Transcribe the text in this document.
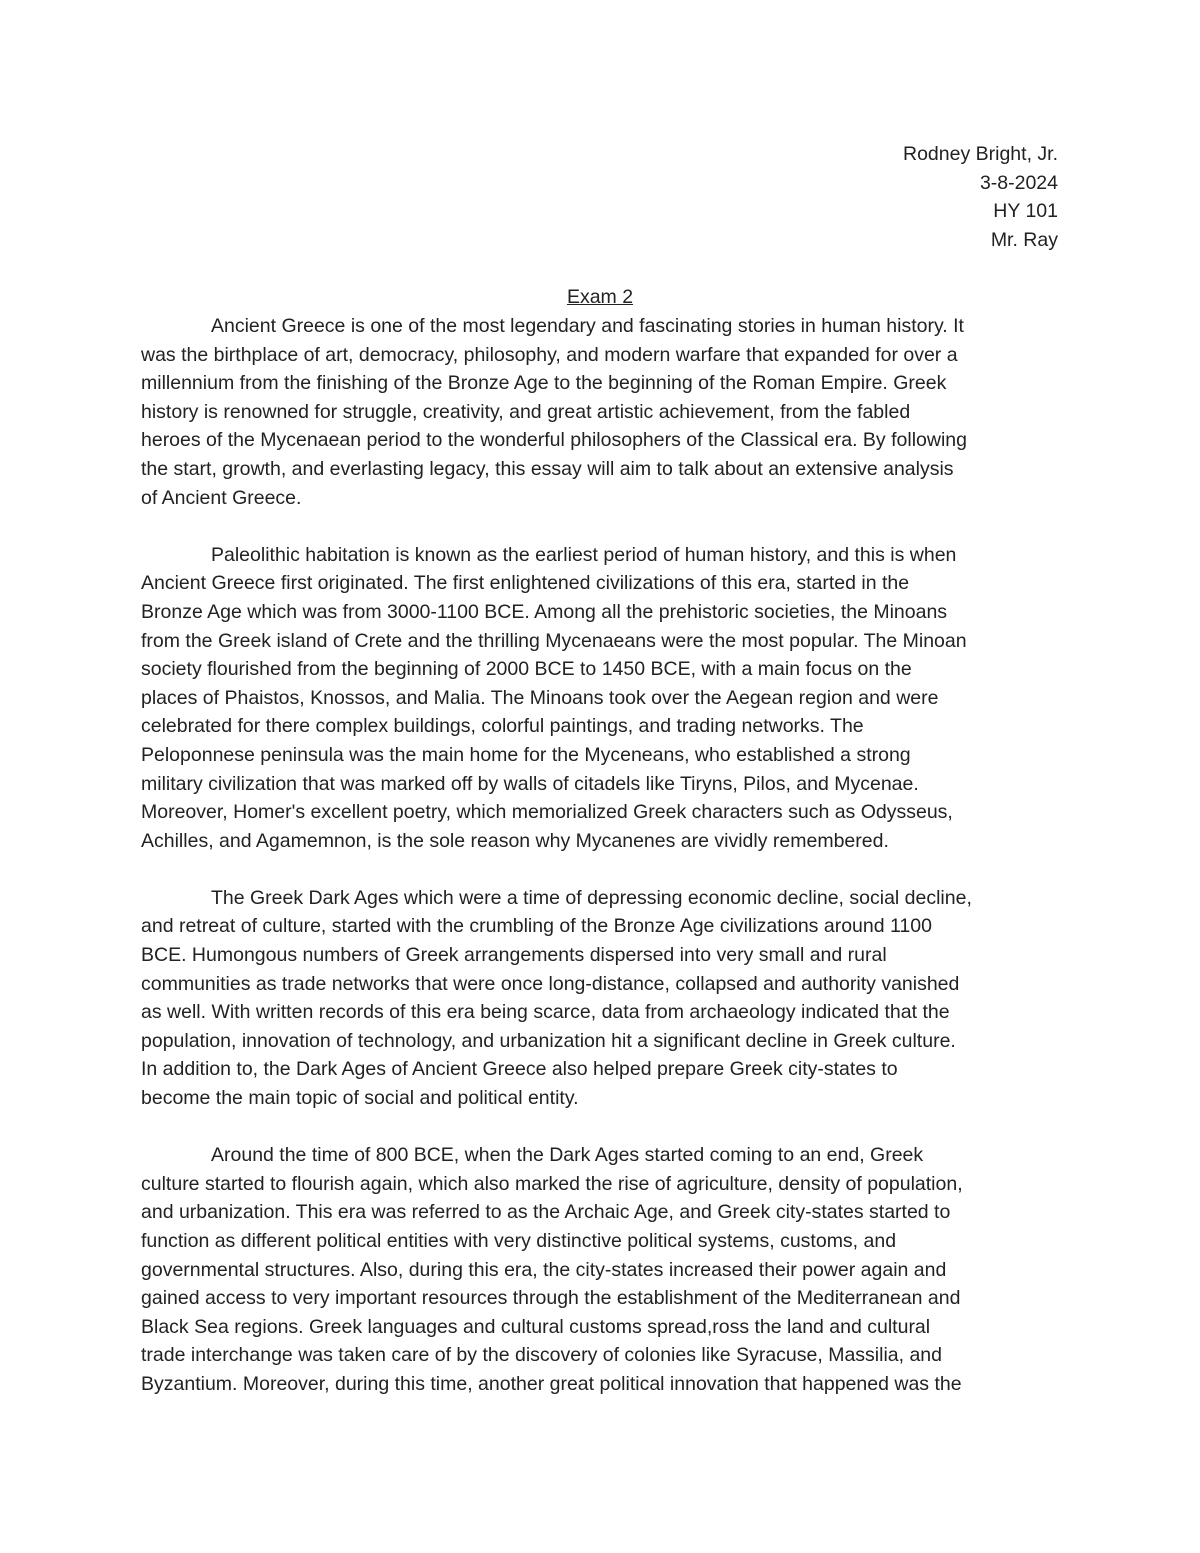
Rodney Bright, Jr.
3-8-2024
HY 101
Mr. Ray
Exam 2

Ancient Greece is one of the most legendary and fascinating stories in human history. It
was the birthplace of art, democracy, philosophy, and modern warfare that expanded for over a
millennium from the finishing of the Bronze Age to the beginning of the Roman Empire. Greek
history is renowned for struggle, creativity, and great artistic achievement, from the fabled
heroes of the Mycenaean period to the wonderful philosophers of the Classical era. By following
the start, growth, and everlasting legacy, this essay will aim to talk about an extensive analysis
of Ancient Greece.

Paleolithic habitation is known as the earliest period of human history, and this is when
Ancient Greece first originated. The first enlightened civilizations of this era, started in the
Bronze Age which was from 3000-1100 BCE. Among all the prehistoric societies, the Minoans
from the Greek island of Crete and the thrilling Mycenaeans were the most popular. The Minoan
society flourished from the beginning of 2000 BCE to 1450 BCE, with a main focus on the
places of Phaistos, Knossos, and Malia. The Minoans took over the Aegean region and were
celebrated for there complex buildings, colorful paintings, and trading networks. The
Peloponnese peninsula was the main home for the Myceneans, who established a strong
military civilization that was marked off by walls of citadels like Tiryns, Pilos, and Mycenae.
Moreover, Homer's excellent poetry, which memorialized Greek characters such as Odysseus,
Achilles, and Agamemnon, is the sole reason why Mycanenes are vividly remembered.

The Greek Dark Ages which were a time of depressing economic decline, social decline,
and retreat of culture, started with the crumbling of the Bronze Age civilizations around 1100
BCE. Humongous numbers of Greek arrangements dispersed into very small and rural
communities as trade networks that were once long-distance, collapsed and authority vanished
as well. With written records of this era being scarce, data from archaeology indicated that the
population, innovation of technology, and urbanization hit a significant decline in Greek culture.
In addition to, the Dark Ages of Ancient Greece also helped prepare Greek city-states to
become the main topic of social and political entity.

Around the time of 800 BCE, when the Dark Ages started coming to an end, Greek
culture started to flourish again, which also marked the rise of agriculture, density of population,
and urbanization. This era was referred to as the Archaic Age, and Greek city-states started to
function as different political entities with very distinctive political systems, customs, and
governmental structures. Also, during this era, the city-states increased their power again and
gained access to very important resources through the establishment of the Mediterranean and
Black Sea regions. Greek languages and cultural customs spread,ross the land and cultural
trade interchange was taken care of by the discovery of colonies like Syracuse, Massilia, and
Byzantium. Moreover, during this time, another great political innovation that happened was the
